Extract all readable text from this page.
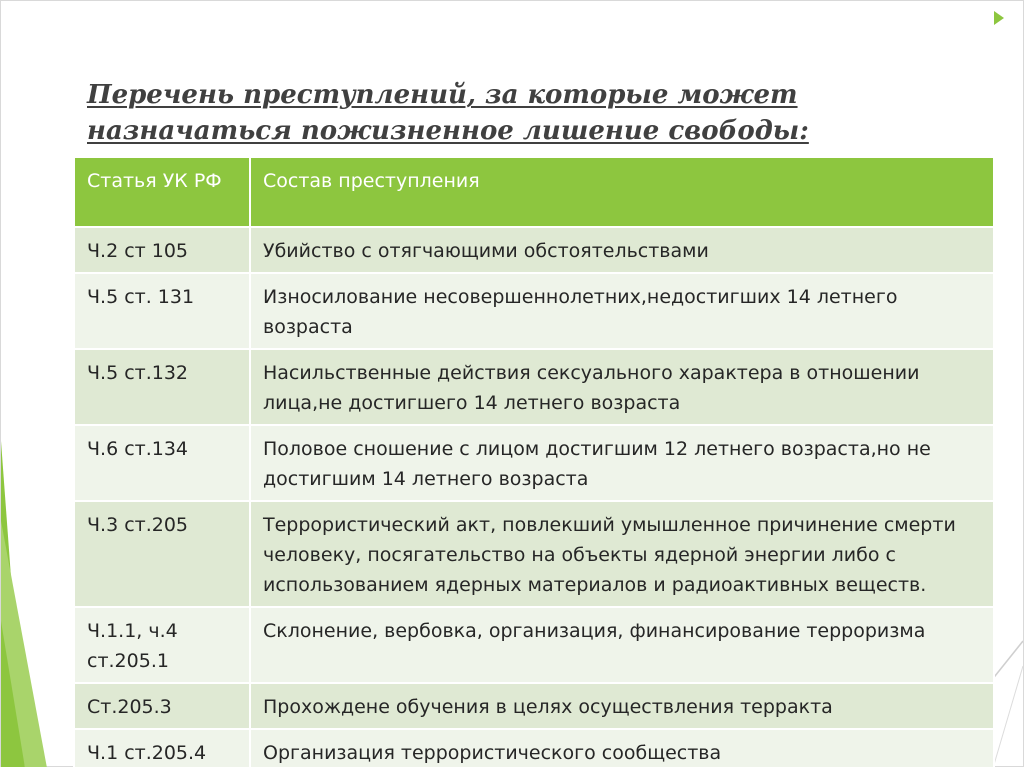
Перечень преступлений, за которые может назначаться пожизненное лишение свободы:
Статья УК РФ	Состав преступления
Ч.2 ст 105	Убийство с отягчающими обстоятельствами
Ч.5 ст. 131	Износилование несовершеннолетних,недостигших 14 летнего возраста
Ч.5 ст.132	Насильственные действия сексуального характера в отношении лица,не достигшего 14 летнего возраста
Ч.6 ст.134	Половое сношение с лицом достигшим 12 летнего возраста,но не достигшим 14 летнего возраста
Ч.3 ст.205	Террористический акт, повлекший умышленное причинение смерти человеку, посягательство на объекты ядерной энергии либо с использованием ядерных материалов и радиоактивных веществ.
Ч.1.1, ч.4 ст.205.1	Склонение, вербовка, организация, финансирование терроризма
Ст.205.3	Прохождене обучения в целях осуществления терракта
Ч.1 ст.205.4	Организация террористического сообщества
